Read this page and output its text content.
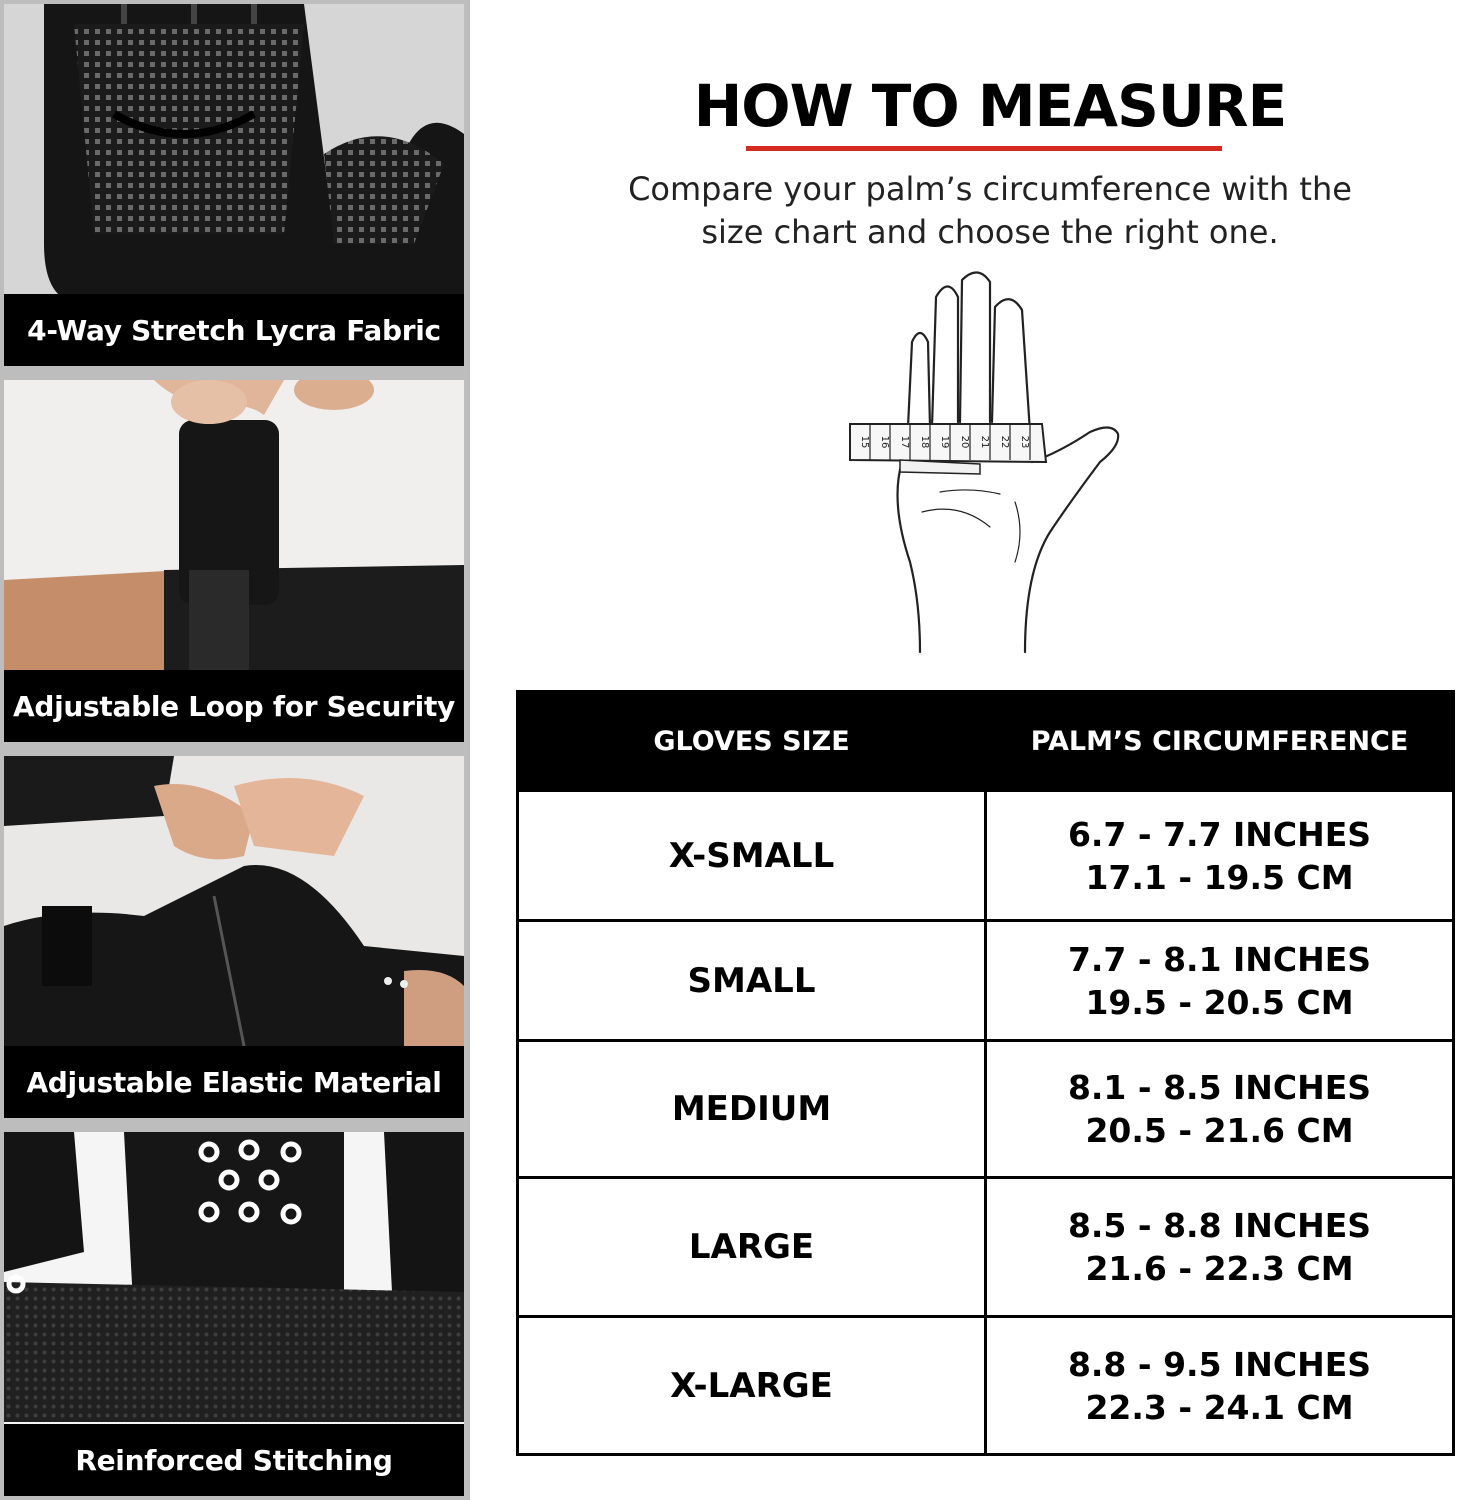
4-Way Stretch Lycra Fabric
Adjustable Loop for Security
Adjustable Elastic Material
Reinforced Stitching
HOW TO MEASURE

Compare your palm’s circumference with the
size chart and choose the right one.

15 16 17 18 19 20 21 22 23
GLOVES SIZE	PALM’S CIRCUMFERENCE
X-SMALL	6.7 - 7.7 INCHES
17.1 - 19.5 CM

SMALL	7.7 - 8.1 INCHES
19.5 - 20.5 CM

MEDIUM	8.1 - 8.5 INCHES
20.5 - 21.6 CM

LARGE	8.5 - 8.8 INCHES
21.6 - 22.3 CM

X-LARGE	8.8 - 9.5 INCHES
22.3 - 24.1 CM
